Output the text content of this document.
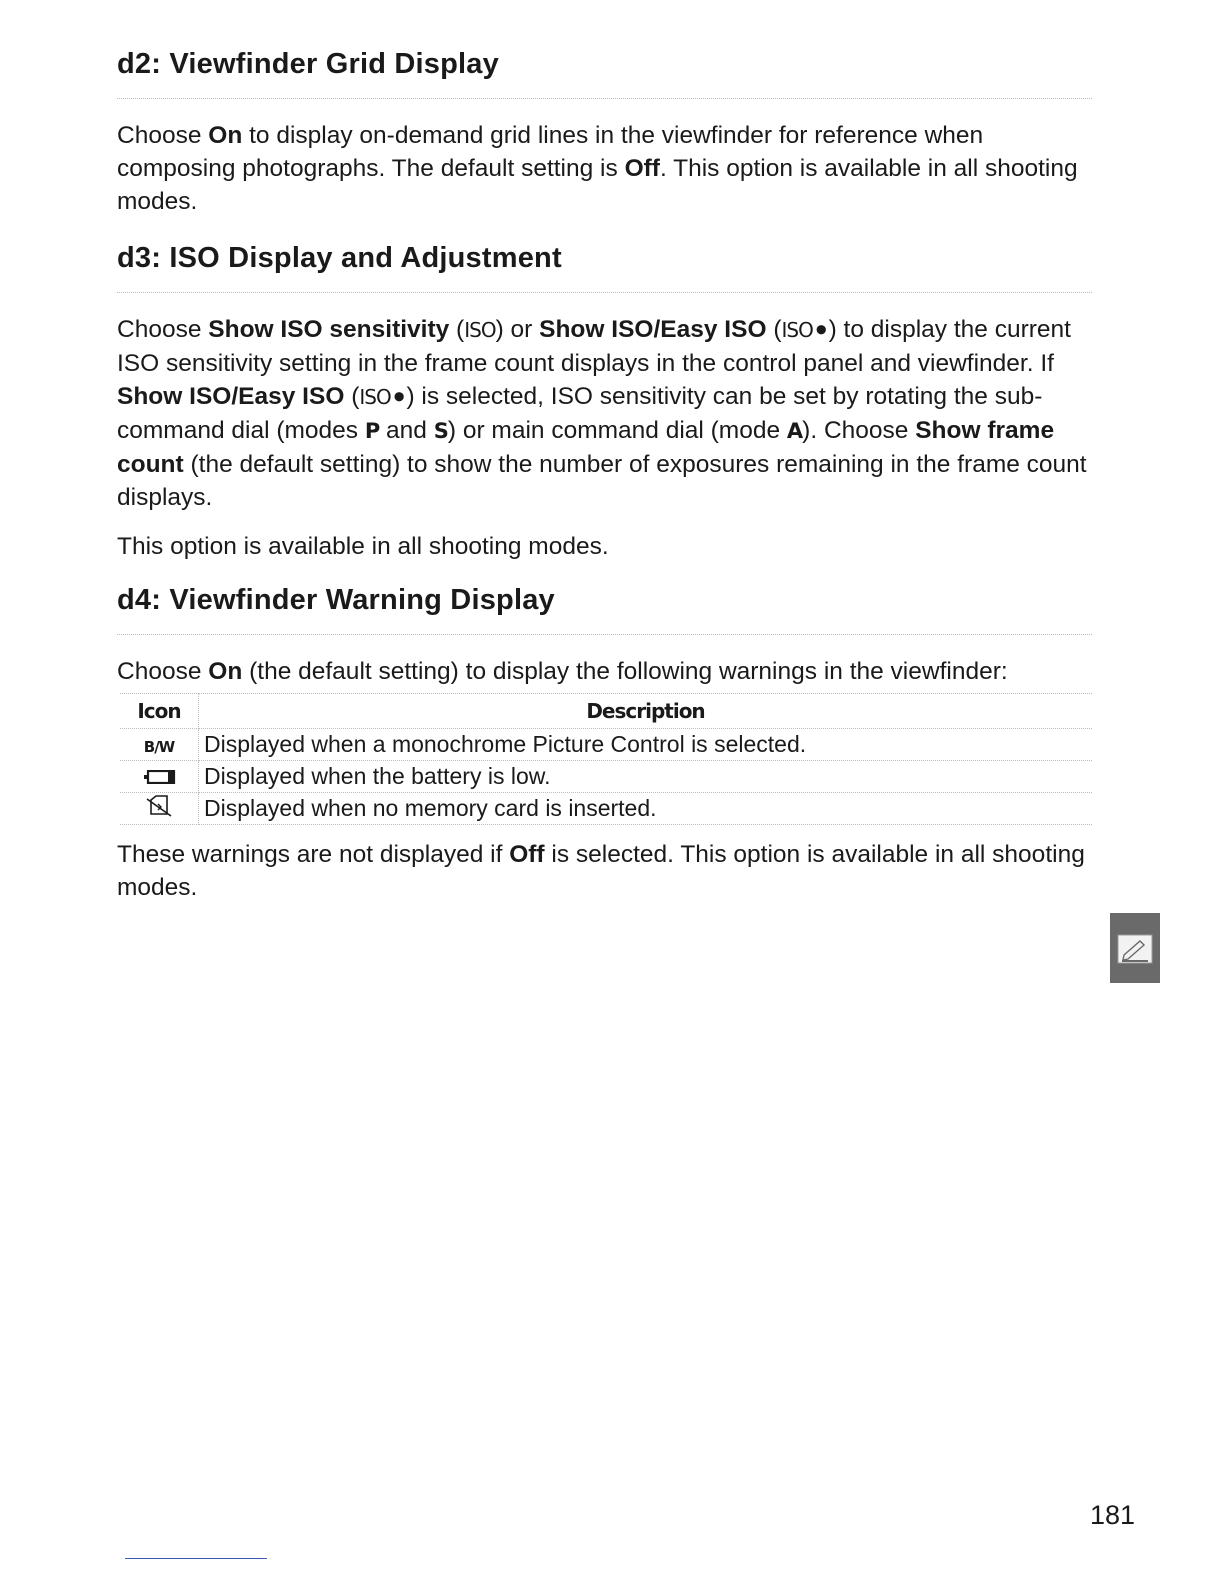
d2: Viewfinder Grid Display

Choose On to display on-demand grid lines in the viewfinder for reference when composing photographs. The default setting is Off. This option is available in all shooting modes.

d3: ISO Display and Adjustment

Choose Show ISO sensitivity (ISO) or Show ISO/Easy ISO (ISO⚫) to display the current ISO sensitivity setting in the frame count displays in the control panel and viewfinder. If Show ISO/Easy ISO (ISO⚫) is selected, ISO sensitivity can be set by rotating the sub-command dial (modes P and S) or main command dial (mode A). Choose Show frame count (the default setting) to show the number of exposures remaining in the frame count displays.

This option is available in all shooting modes.

d4: Viewfinder Warning Display

Choose On (the default setting) to display the following warnings in the viewfinder:

Icon	Description
B/W	Displayed when a monochrome Picture Control is selected.
	Displayed when the battery is low.
	Displayed when no memory card is inserted.

These warnings are not displayed if Off is selected. This option is available in all shooting modes.

181
